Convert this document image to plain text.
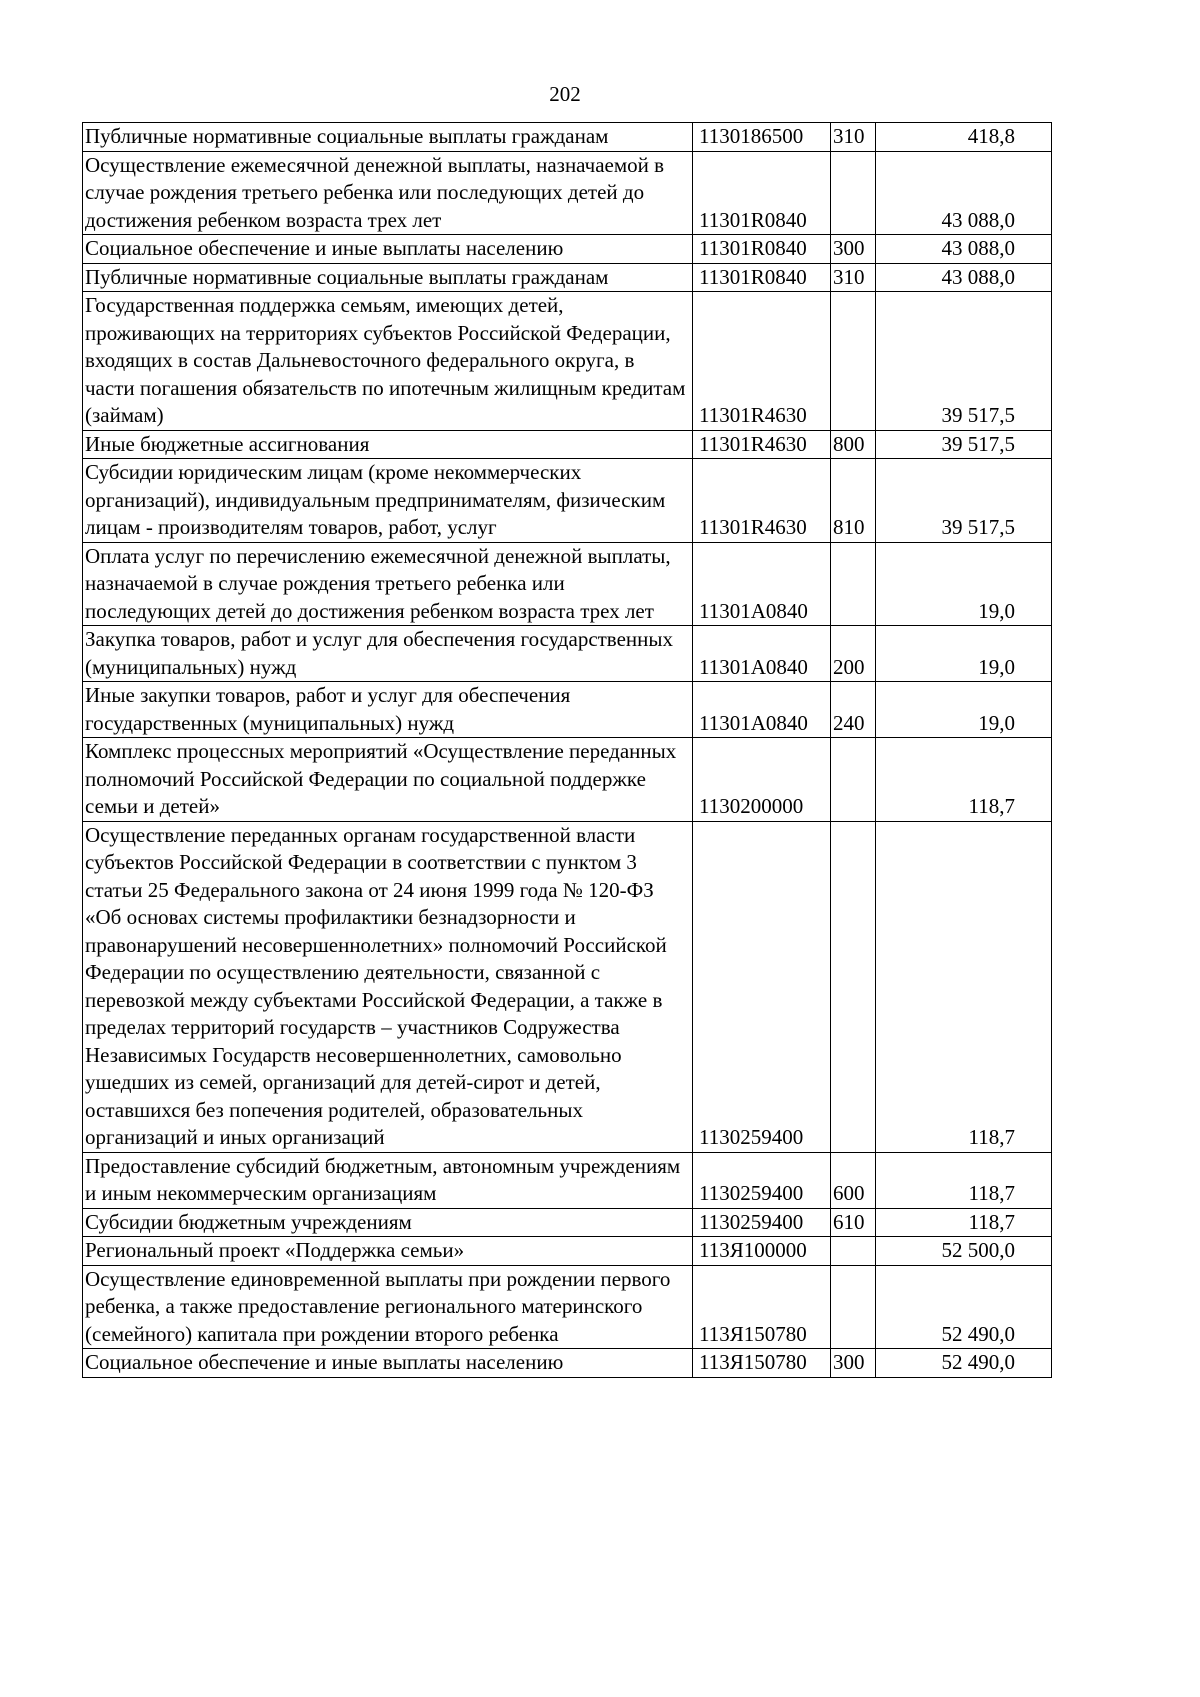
202
Публичные нормативные социальные выплаты гражданам	1130186500	310	418,8
Осуществление ежемесячной денежной выплаты, назначаемой в случае рождения третьего ребенка или последующих детей до достижения ребенком возраста трех лет	11301R0840		43 088,0
Социальное обеспечение и иные выплаты населению	11301R0840	300	43 088,0
Публичные нормативные социальные выплаты гражданам	11301R0840	310	43 088,0
Государственная поддержка семьям, имеющих детей, проживающих на территориях субъектов Российской Федерации, входящих в состав Дальневосточного федерального округа, в части погашения обязательств по ипотечным жилищным кредитам (займам)	11301R4630		39 517,5
Иные бюджетные ассигнования	11301R4630	800	39 517,5
Субсидии юридическим лицам (кроме некоммерческих организаций), индивидуальным предпринимателям, физическим лицам - производителям товаров, работ, услуг	11301R4630	810	39 517,5
Оплата услуг по перечислению ежемесячной денежной выплаты, назначаемой в случае рождения третьего ребенка или последующих детей до достижения ребенком возраста трех лет	11301A0840		19,0
Закупка товаров, работ и услуг для обеспечения государственных (муниципальных) нужд	11301A0840	200	19,0
Иные закупки товаров, работ и услуг для обеспечения государственных (муниципальных) нужд	11301A0840	240	19,0
Комплекс процессных мероприятий «Осуществление переданных полномочий Российской Федерации по социальной поддержке семьи и детей»	1130200000		118,7
Осуществление переданных органам государственной власти субъектов Российской Федерации в соответствии с пунктом 3 статьи 25 Федерального закона от 24 июня 1999 года № 120-ФЗ «Об основах системы профилактики безнадзорности и правонарушений несовершеннолетних» полномочий Российской Федерации по осуществлению деятельности, связанной с перевозкой между субъектами Российской Федерации, а также в пределах территорий государств – участников Содружества Независимых Государств несовершеннолетних, самовольно ушедших из семей, организаций для детей-сирот и детей, оставшихся без попечения родителей, образовательных организаций и иных организаций	1130259400		118,7
Предоставление субсидий бюджетным, автономным учреждениям и иным некоммерческим организациям	1130259400	600	118,7
Субсидии бюджетным учреждениям	1130259400	610	118,7
Региональный проект «Поддержка семьи»	113Я100000		52 500,0
Осуществление единовременной выплаты при рождении первого ребенка, а также предоставление регионального материнского (семейного) капитала при рождении второго ребенка	113Я150780		52 490,0
Социальное обеспечение и иные выплаты населению	113Я150780	300	52 490,0
